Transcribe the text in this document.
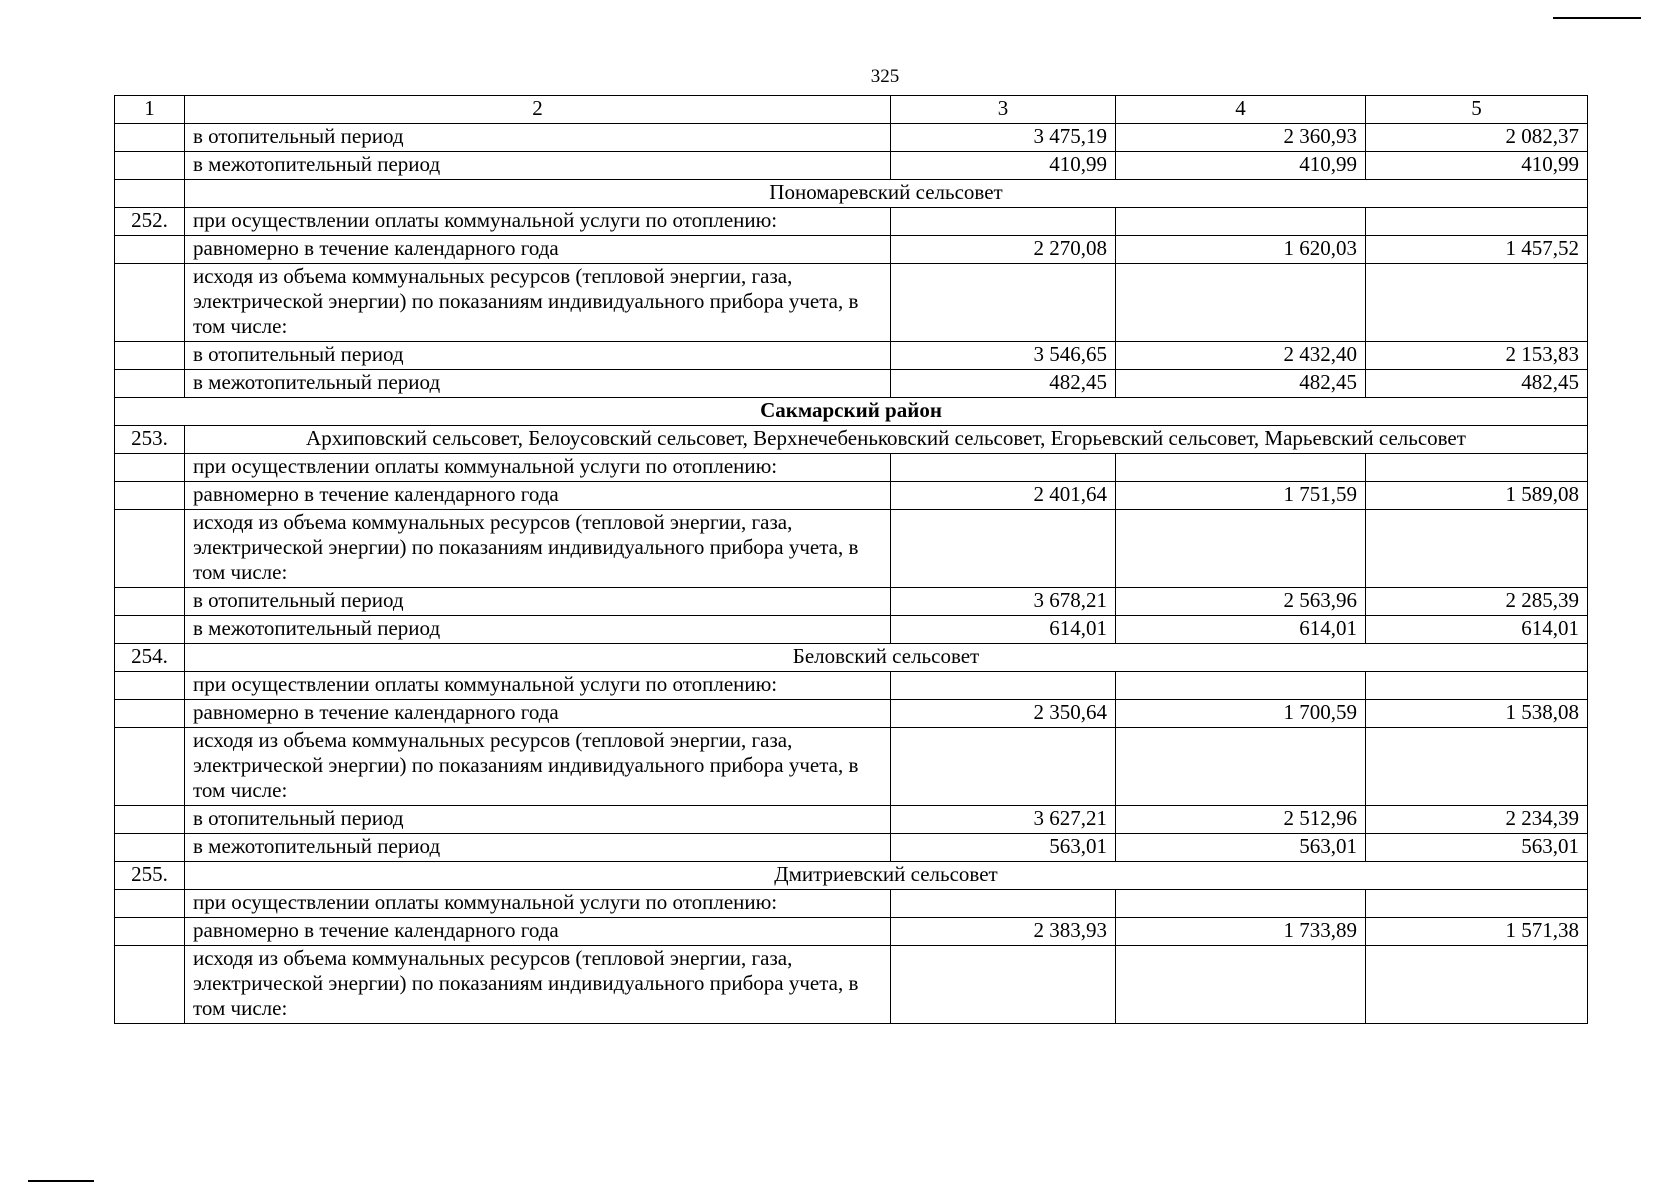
325
1	2	3	4	5
	в отопительный период	3 475,19	2 360,93	2 082,37
	в межотопительный период	410,99	410,99	410,99
	Пономаревский сельсовет			
252.	при осуществлении оплаты коммунальной услуги по отоплению:			
	равномерно в течение календарного года	2 270,08	1 620,03	1 457,52
	исходя из объема коммунальных ресурсов (тепловой энергии, газа, электрической энергии) по показаниям индивидуального прибора учета, в том числе:			
	в отопительный период	3 546,65	2 432,40	2 153,83
	в межотопительный период	482,45	482,45	482,45
Сакмарский район				
253.	Архиповский сельсовет, Белоусовский сельсовет, Верхнечебеньковский сельсовет, Егорьевский сельсовет, Марьевский сельсовет			
	при осуществлении оплаты коммунальной услуги по отоплению:			
	равномерно в течение календарного года	2 401,64	1 751,59	1 589,08
	исходя из объема коммунальных ресурсов (тепловой энергии, газа, электрической энергии) по показаниям индивидуального прибора учета, в том числе:			
	в отопительный период	3 678,21	2 563,96	2 285,39
	в межотопительный период	614,01	614,01	614,01
254.	Беловский сельсовет			
	при осуществлении оплаты коммунальной услуги по отоплению:			
	равномерно в течение календарного года	2 350,64	1 700,59	1 538,08
	исходя из объема коммунальных ресурсов (тепловой энергии, газа, электрической энергии) по показаниям индивидуального прибора учета, в том числе:			
	в отопительный период	3 627,21	2 512,96	2 234,39
	в межотопительный период	563,01	563,01	563,01
255.	Дмитриевский сельсовет			
	при осуществлении оплаты коммунальной услуги по отоплению:			
	равномерно в течение календарного года	2 383,93	1 733,89	1 571,38
	исходя из объема коммунальных ресурсов (тепловой энергии, газа, электрической энергии) по показаниям индивидуального прибора учета, в том числе:			
